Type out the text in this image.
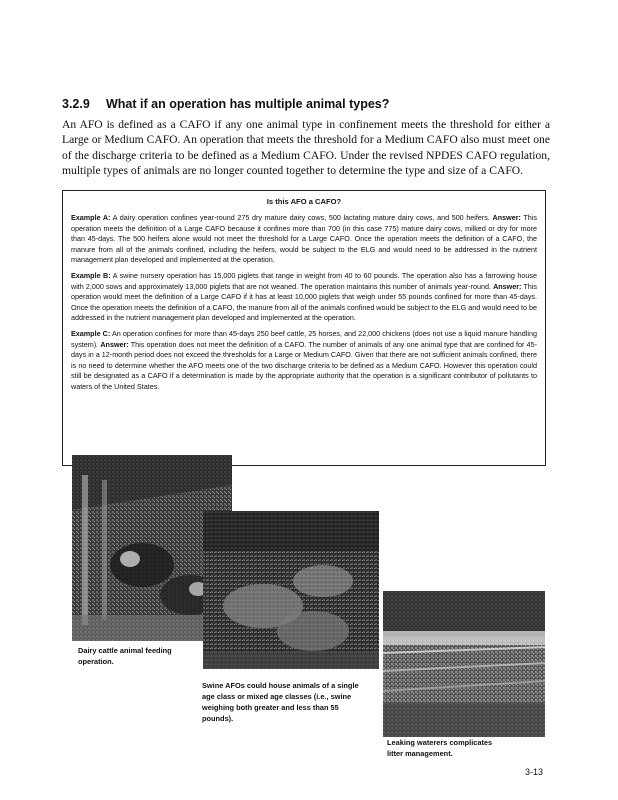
3.2.9 What if an operation has multiple animal types?

An AFO is defined as a CAFO if any one animal type in confinement meets the threshold for either a Large or Medium CAFO. An operation that meets the threshold for a Medium CAFO also must meet one of the discharge criteria to be defined as a Medium CAFO. Under the revised NPDES CAFO regulation, multiple types of animals are no longer counted together to determine the type and size of a CAFO.

Is this AFO a CAFO?

Example A: A dairy operation confines year-round 275 dry mature dairy cows, 500 lactating mature dairy cows, and 500 heifers. Answer: This operation meets the definition of a Large CAFO because it confines more than 700 (in this case 775) mature dairy cows, milked or dry for more than 45-days. The 500 heifers alone would not meet the threshold for a Large CAFO. Once the operation meets the definition of a CAFO, the manure from all of the animals confined, including the heifers, would be subject to the ELG and would need to be addressed in the nutrient management plan developed and implemented at the operation.

Example B: A swine nursery operation has 15,000 piglets that range in weight from 40 to 60 pounds. The operation also has a farrowing house with 2,000 sows and approximately 13,000 piglets that are not weaned. The operation maintains this number of animals year-round. Answer: This operation would meet the definition of a Large CAFO if it has at least 10,000 piglets that weigh under 55 pounds confined for more than 45-days. Once the operation meets the definition of a CAFO, the manure from all of the animals confined would be subject to the ELG and would need to be addressed in the nutrient management plan developed and implemented at the operation.

Example C: An operation confines for more than 45-days 250 beef cattle, 25 horses, and 22,000 chickens (does not use a liquid manure handling system). Answer: This operation does not meet the definition of a CAFO. The number of animals of any one animal type that are confined for 45-days in a 12-month period does not exceed the thresholds for a Large or Medium CAFO. Given that there are not sufficient animals confined, there is no need to determine whether the AFO meets one of the two discharge criteria to be defined as a Medium CAFO. However this operation could still be designated as a CAFO if a determination is made by the appropriate authority that the operation is a significant contributor of pollutants to waters of the United States.

Dairy cattle animal feeding operation.
Swine AFOs could house animals of a single age class or mixed age classes (i.e., swine weighing both greater and less than 55 pounds).
Leaking waterers complicates litter management.
3-13
